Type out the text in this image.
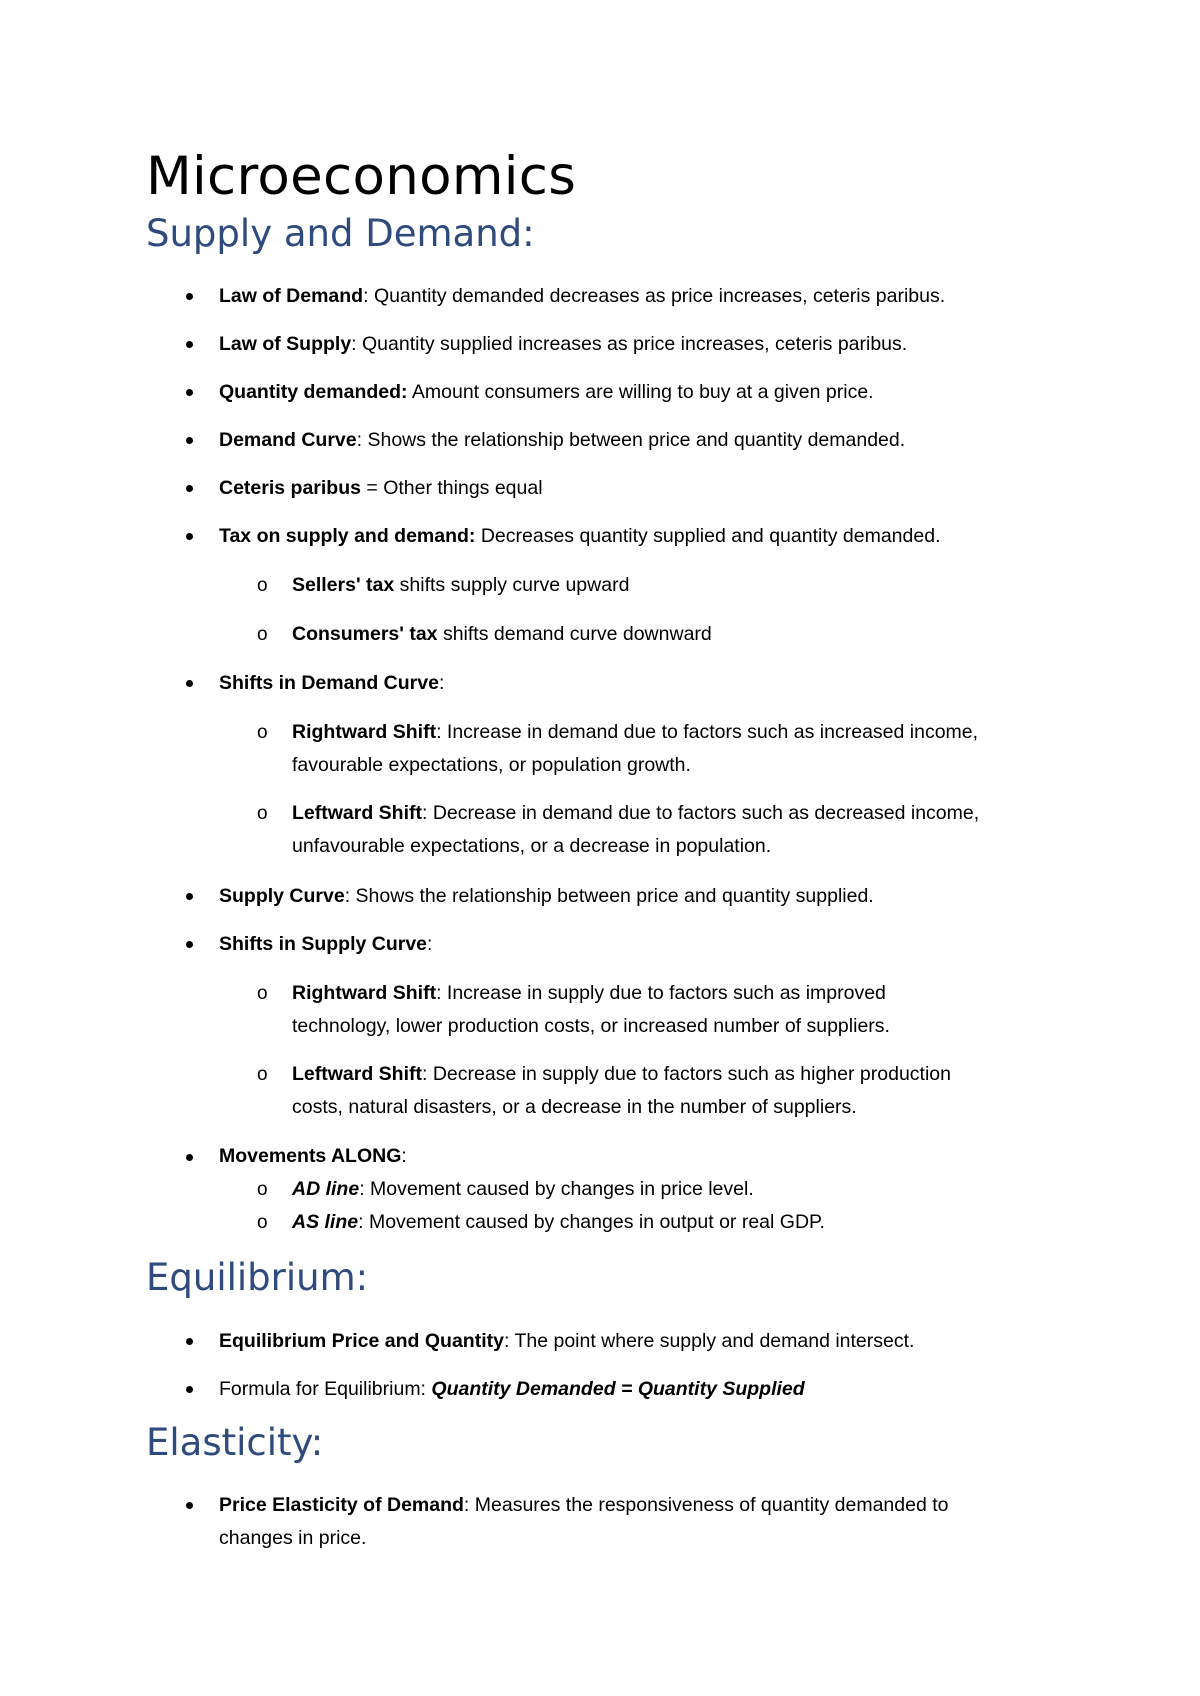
Microeconomics
Supply and Demand:
Law of Demand: Quantity demanded decreases as price increases, ceteris paribus.
Law of Supply: Quantity supplied increases as price increases, ceteris paribus.
Quantity demanded: Amount consumers are willing to buy at a given price.
Demand Curve: Shows the relationship between price and quantity demanded.
Ceteris paribus = Other things equal
Tax on supply and demand: Decreases quantity supplied and quantity demanded.
o Sellers' tax shifts supply curve upward
o Consumers' tax shifts demand curve downward
Shifts in Demand Curve:
o Rightward Shift: Increase in demand due to factors such as increased income,
favourable expectations, or population growth.
o Leftward Shift: Decrease in demand due to factors such as decreased income,
unfavourable expectations, or a decrease in population.
Supply Curve: Shows the relationship between price and quantity supplied.
Shifts in Supply Curve:
o Rightward Shift: Increase in supply due to factors such as improved
technology, lower production costs, or increased number of suppliers.
o Leftward Shift: Decrease in supply due to factors such as higher production
costs, natural disasters, or a decrease in the number of suppliers.
Movements ALONG:
o AD line: Movement caused by changes in price level.
o AS line: Movement caused by changes in output or real GDP.
Equilibrium:
Equilibrium Price and Quantity: The point where supply and demand intersect.
Formula for Equilibrium: Quantity Demanded = Quantity Supplied
Elasticity:
Price Elasticity of Demand: Measures the responsiveness of quantity demanded to
changes in price.
